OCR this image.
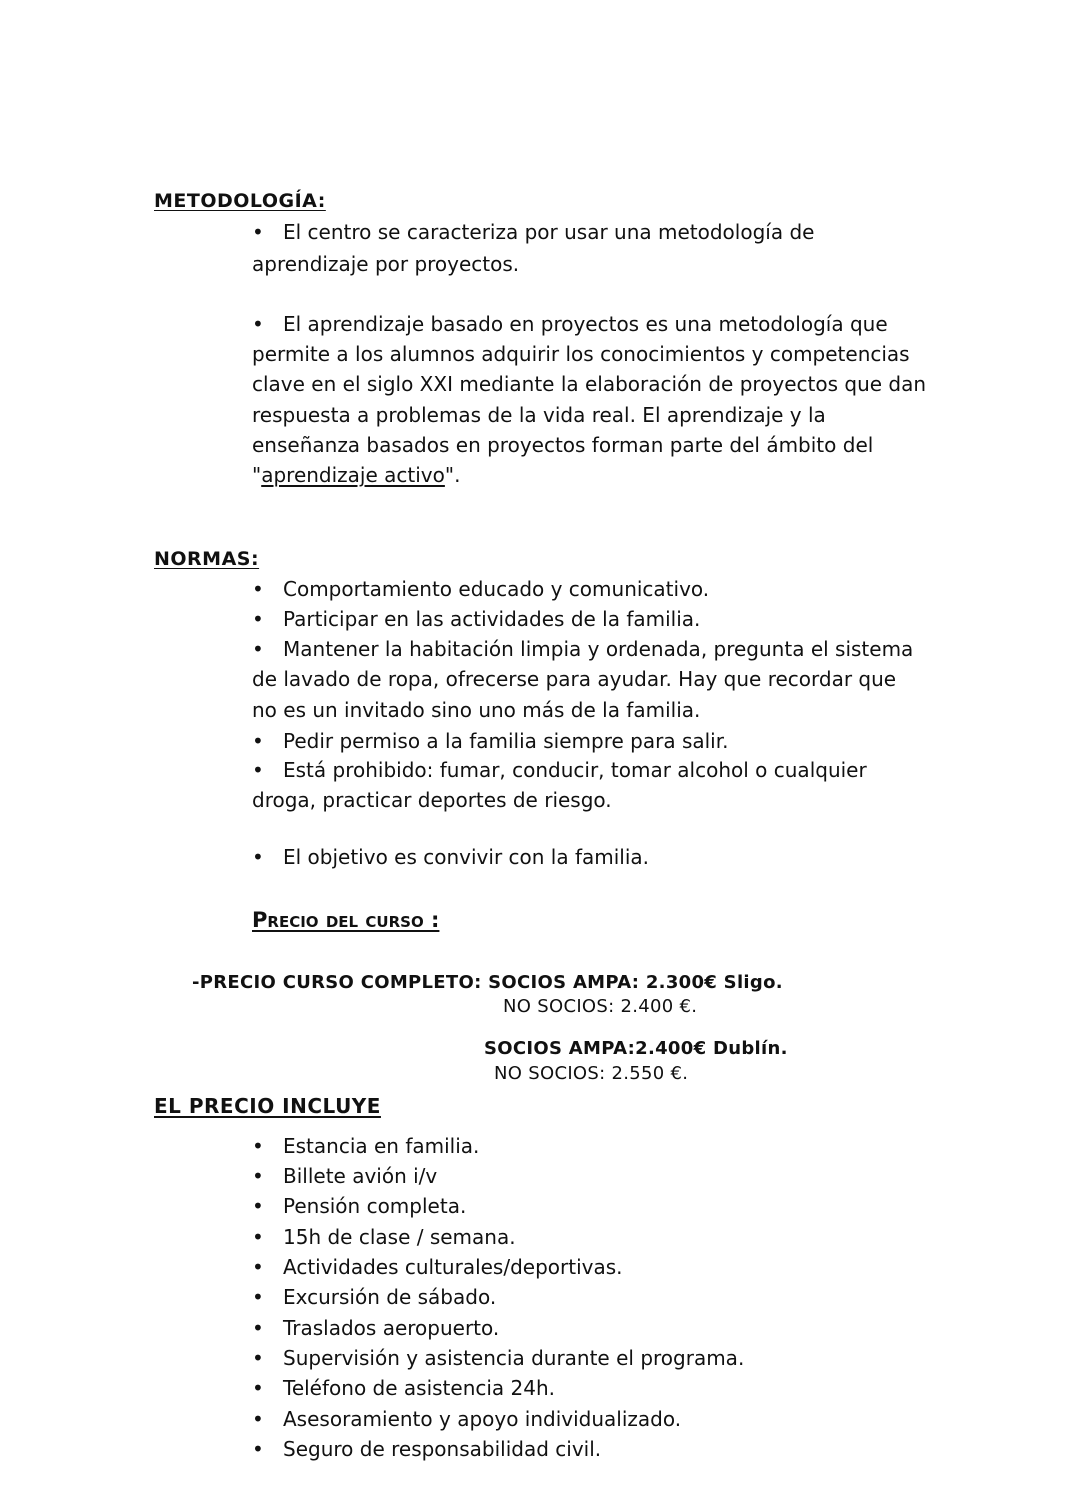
METODOLOGÍA:
• El centro se caracteriza por usar una metodología de
aprendizaje por proyectos.
• El aprendizaje basado en proyectos es una metodología que
permite a los alumnos adquirir los conocimientos y competencias
clave en el siglo XXI mediante la elaboración de proyectos que dan
respuesta a problemas de la vida real. El aprendizaje y la
enseñanza basados en proyectos forman parte del ámbito del
"aprendizaje activo".
NORMAS:
• Comportamiento educado y comunicativo.
• Participar en las actividades de la familia.
• Mantener la habitación limpia y ordenada, pregunta el sistema
de lavado de ropa, ofrecerse para ayudar. Hay que recordar que
no es un invitado sino uno más de la familia.
• Pedir permiso a la familia siempre para salir.
• Está prohibido: fumar, conducir, tomar alcohol o cualquier
droga, practicar deportes de riesgo.
• El objetivo es convivir con la familia.
Precio del curso :
-PRECIO CURSO COMPLETO: SOCIOS AMPA: 2.300€ Sligo.
NO SOCIOS: 2.400 €.
SOCIOS AMPA:2.400€ Dublín.
NO SOCIOS: 2.550 €.
EL PRECIO INCLUYE
• Estancia en familia.
• Billete avión i/v
• Pensión completa.
• 15h de clase / semana.
• Actividades culturales/deportivas.
• Excursión de sábado.
• Traslados aeropuerto.
• Supervisión y asistencia durante el programa.
• Teléfono de asistencia 24h.
• Asesoramiento y apoyo individualizado.
• Seguro de responsabilidad civil.
